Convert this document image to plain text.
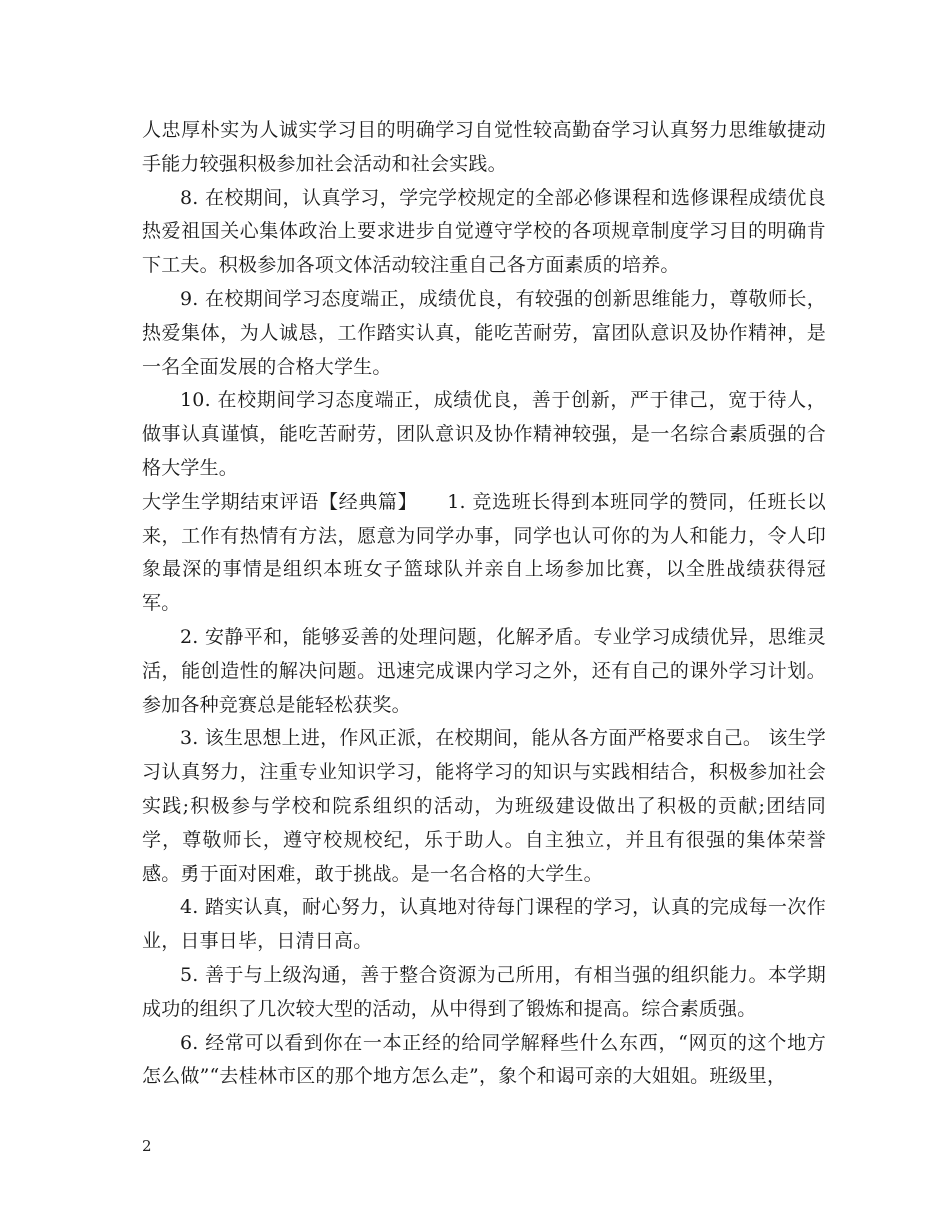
人忠厚朴实为人诚实学习目的明确学习自觉性较高勤奋学习认真努力思维敏捷动手能力较强积极参加社会活动和社会实践。

8. 在校期间，认真学习，学完学校规定的全部必修课程和选修课程成绩优良热爱祖国关心集体政治上要求进步自觉遵守学校的各项规章制度学习目的明确肯下工夫。积极参加各项文体活动较注重自己各方面素质的培养。

9. 在校期间学习态度端正，成绩优良，有较强的创新思维能力，尊敬师长，热爱集体，为人诚恳，工作踏实认真，能吃苦耐劳，富团队意识及协作精神，是一名全面发展的合格大学生。

10. 在校期间学习态度端正，成绩优良，善于创新，严于律己，宽于待人，做事认真谨慎，能吃苦耐劳，团队意识及协作精神较强，是一名综合素质强的合格大学生。

大学生学期结束评语【经典篇】　　1. 竞选班长得到本班同学的赞同，任班长以来，工作有热情有方法，愿意为同学办事，同学也认可你的为人和能力，令人印象最深的事情是组织本班女子篮球队并亲自上场参加比赛，以全胜战绩获得冠军。

2. 安静平和，能够妥善的处理问题，化解矛盾。专业学习成绩优异，思维灵活，能创造性的解决问题。迅速完成课内学习之外，还有自己的课外学习计划。参加各种竞赛总是能轻松获奖。

3. 该生思想上进，作风正派，在校期间，能从各方面严格要求自己。 该生学习认真努力，注重专业知识学习，能将学习的知识与实践相结合，积极参加社会实践;积极参与学校和院系组织的活动，为班级建设做出了积极的贡献;团结同学，尊敬师长，遵守校规校纪，乐于助人。自主独立，并且有很强的集体荣誉感。勇于面对困难，敢于挑战。是一名合格的大学生。

4. 踏实认真，耐心努力，认真地对待每门课程的学习，认真的完成每一次作业，日事日毕，日清日高。

5. 善于与上级沟通，善于整合资源为己所用，有相当强的组织能力。本学期成功的组织了几次较大型的活动，从中得到了锻炼和提高。综合素质强。

6. 经常可以看到你在一本正经的给同学解释些什么东西，“网页的这个地方怎么做”“去桂林市区的那个地方怎么走”，象个和谒可亲的大姐姐。班级里，

2
